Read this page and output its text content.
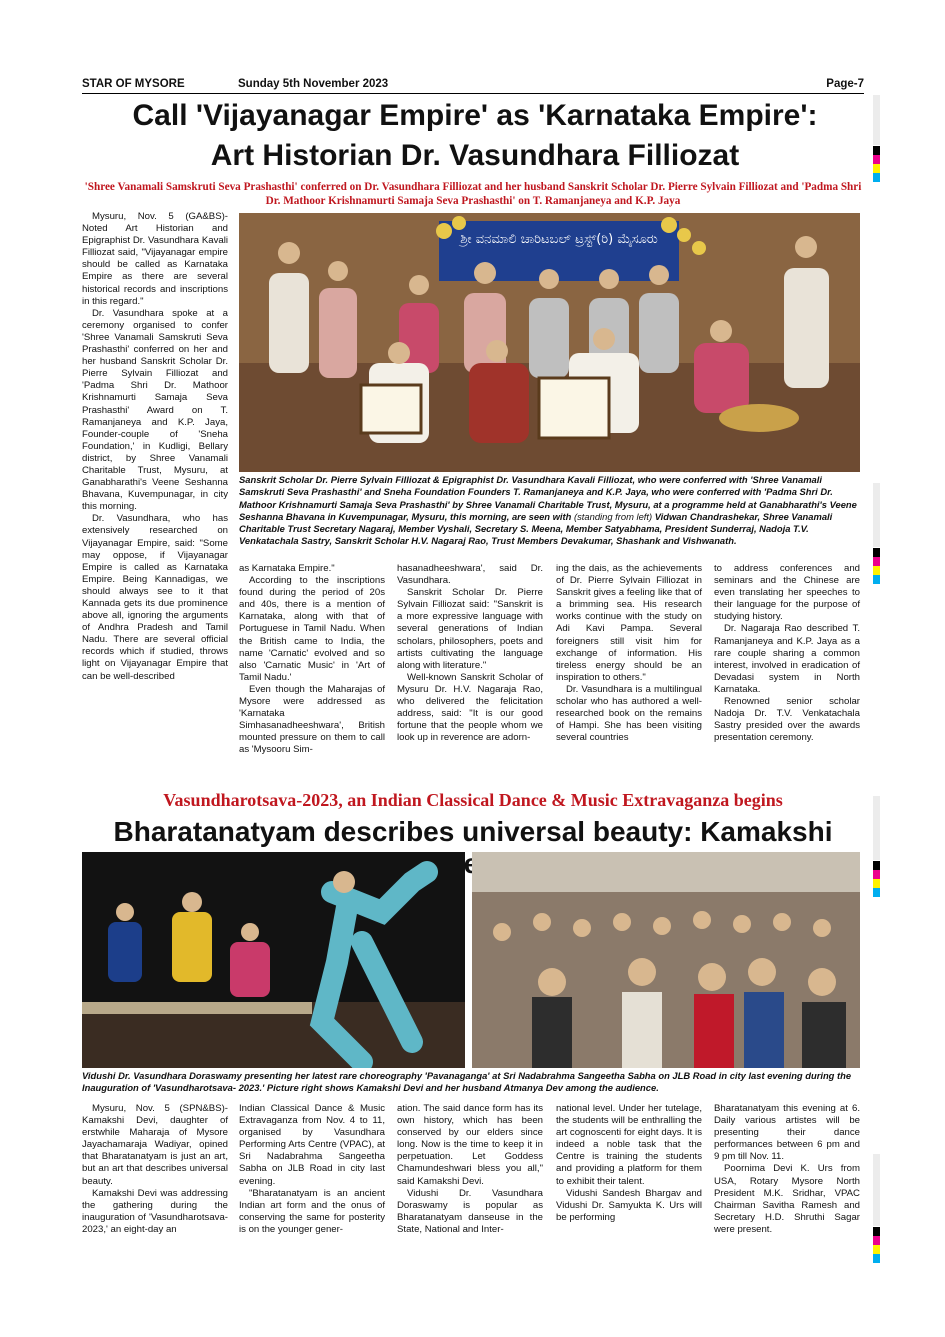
STAR OF MYSORE	Sunday 5th November 2023	Page-7
Call 'Vijayanagar Empire' as 'Karnataka Empire':
Art Historian Dr. Vasundhara Filliozat
'Shree Vanamali Samskruti Seva Prashasthi' conferred on Dr. Vasundhara Filliozat and her husband Sanskrit Scholar Dr. Pierre Sylvain Filliozat and 'Padma Shri Dr. Mathoor Krishnamurti Samaja Seva Prashasthi' on T. Ramanjaneya and K.P. Jaya

Mysuru, Nov. 5 (GA&BS)- Noted Art Historian and Epigraphist Dr. Vasundhara Kavali Filliozat said, "Vijayanagar empire should be called as Karnataka Empire as there are several historical records and inscriptions in this regard."

Dr. Vasundhara spoke at a ceremony organised to confer 'Shree Vanamali Samskruti Seva Prashasthi' conferred on her and her husband Sanskrit Scholar Dr. Pierre Sylvain Filliozat and 'Padma Shri Dr. Mathoor Krishnamurti Samaja Seva Prashasthi' Award on T. Ramanjaneya and K.P. Jaya, Founder-couple of 'Sneha Foundation,' in Kudligi, Bellary district, by Shree Vanamali Charitable Trust, Mysuru, at Ganabharathi's Veene Seshanna Bhavana, Kuvempunagar, in city this morning.

Dr. Vasundhara, who has extensively researched on Vijayanagar Empire, said: "Some may oppose, if Vijayanagar Empire is called as Karnataka Empire. Being Kannadigas, we should always see to it that Kannada gets its due prominence above all, ignoring the arguments of Andhra Pradesh and Tamil Nadu. There are several official records which if studied, throws light on Vijayanagar Empire that can be well-described

ಶ್ರೀ ವನಮಾಲಿ ಚಾರಿಟಬಲ್ ಟ್ರಸ್ಟ್(ರಿ) ಮೈಸೂರು
Sanskrit Scholar Dr. Pierre Sylvain Filliozat & Epigraphist Dr. Vasundhara Kavali Filliozat, who were conferred with 'Shree Vanamali Samskruti Seva Prashasthi' and Sneha Foundation Founders T. Ramanjaneya and K.P. Jaya, who were conferred with 'Padma Shri Dr. Mathoor Krishnamurti Samaja Seva Prashasthi' by Shree Vanamali Charitable Trust, Mysuru, at a programme held at Ganabharathi's Veene Seshanna Bhavana in Kuvempunagar, Mysuru, this morning, are seen with (standing from left) Vidwan Chandrashekar, Shree Vanamali Charitable Trust Secretary Nagaraj, Member Vyshali, Secretary S. Meena, Member Satyabhama, President Sunderraj, Nadoja T.V. Venkatachala Sastry, Sanskrit Scholar H.V. Nagaraj Rao, Trust Members Devakumar, Shashank and Vishwanath.

as Karnataka Empire."

According to the inscriptions found during the period of 20s and 40s, there is a mention of Karnataka, along with that of Portuguese in Tamil Nadu. When the British came to India, the name 'Carnatic' evolved and so also 'Carnatic Music' in 'Art of Tamil Nadu.'

Even though the Maharajas of Mysore were addressed as 'Karnataka Simhasanadheeshwara', British mounted pressure on them to call as 'Mysooru Sim-

hasanadheeshwara', said Dr. Vasundhara.

Sanskrit Scholar Dr. Pierre Sylvain Filliozat said: "Sanskrit is a more expressive language with several generations of Indian scholars, philosophers, poets and artists cultivating the language along with literature."

Well-known Sanskrit Scholar of Mysuru Dr. H.V. Nagaraja Rao, who delivered the felicitation address, said: "It is our good fortune that the people whom we look up in reverence are adorn-

ing the dais, as the achievements of Dr. Pierre Sylvain Filliozat in Sanskrit gives a feeling like that of a brimming sea. His research works continue with the study on Adi Kavi Pampa. Several foreigners still visit him for exchange of information. His tireless energy should be an inspiration to others."

Dr. Vasundhara is a multilingual scholar who has authored a well-researched book on the remains of Hampi. She has been visiting several countries

to address conferences and seminars and the Chinese are even translating her speeches to their language for the purpose of studying history.

Dr. Nagaraja Rao described T. Ramanjaneya and K.P. Jaya as a rare couple sharing a common interest, involved in eradication of Devadasi system in North Karnataka.

Renowned senior scholar Nadoja Dr. T.V. Venkatachala Sastry presided over the awards presentation ceremony.

Vasundharotsava-2023, an Indian Classical Dance & Music Extravaganza begins
Bharatanatyam describes universal beauty: Kamakshi
Vidushi Dr. Vasundhara Doraswamy presenting her latest rare choreography 'Pavanaganga' at Sri Nadabrahma Sangeetha Sabha on JLB Road in city last evening during the Inauguration of 'Vasundharotsava- 2023.' Picture right shows Kamakshi Devi and her husband Atmanya Dev among the audience.

Mysuru, Nov. 5 (SPN&BS)- Kamakshi Devi, daughter of erstwhile Maharaja of Mysore Jayachamaraja Wadiyar, opined that Bharatanatyam is just an art, but an art that describes universal beauty.

Kamakshi Devi was addressing the gathering during the inauguration of 'Vasundharotsava-2023,' an eight-day an

Indian Classical Dance & Music Extravaganza from Nov. 4 to 11, organised by Vasundhara Performing Arts Centre (VPAC), at Sri Nadabrahma Sangeetha Sabha on JLB Road in city last evening.

"Bharatanatyam is an ancient Indian art form and the onus of conserving the same for posterity is on the younger gener-

ation. The said dance form has its own history, which has been conserved by our elders since long. Now is the time to keep it in perpetuation. Let Goddess Chamundeshwari bless you all," said Kamakshi Devi.

Vidushi Dr. Vasundhara Doraswamy is popular as Bharatanatyam danseuse in the State, National and Inter-

national level. Under her tutelage, the students will be enthralling the art cognoscenti for eight days. It is indeed a noble task that the Centre is training the students and providing a platform for them to exhibit their talent.

Vidushi Sandesh Bhargav and Vidushi Dr. Samyukta K. Urs will be performing

Bharatanatyam this evening at 6. Daily various artistes will be presenting their dance performances between 6 pm and 9 pm till Nov. 11.

Poornima Devi K. Urs from USA, Rotary Mysore North President M.K. Sridhar, VPAC Chairman Savitha Ramesh and Secretary H.D. Shruthi Sagar were present.
